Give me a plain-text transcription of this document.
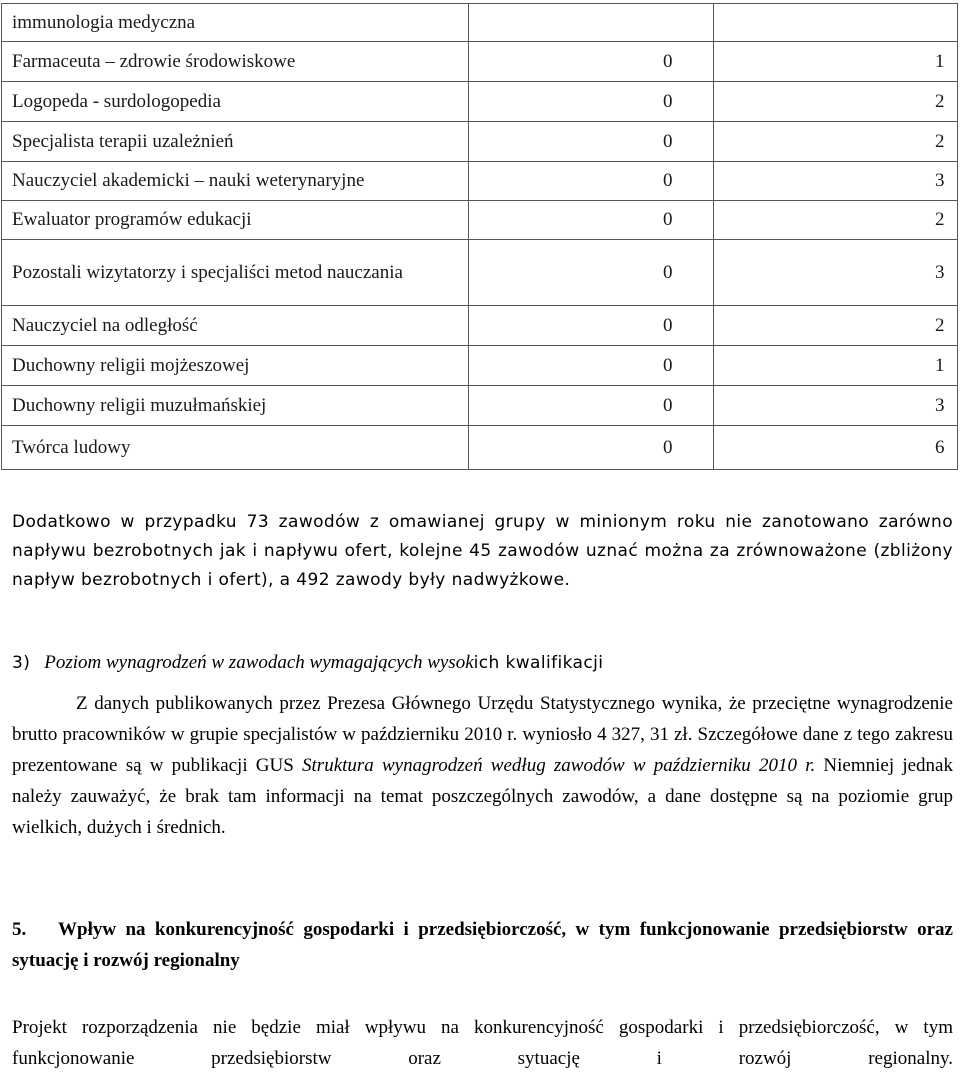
immunologia medyczna		
Farmaceuta – zdrowie środowiskowe	0	1
Logopeda - surdologopedia	0	2
Specjalista terapii uzależnień	0	2
Nauczyciel akademicki – nauki weterynaryjne	0	3
Ewaluator programów edukacji	0	2
Pozostali wizytatorzy i specjaliści metod nauczania	0	3
Nauczyciel na odległość	0	2
Duchowny religii mojżeszowej	0	1
Duchowny religii muzułmańskiej	0	3
Twórca ludowy	0	6

Dodatkowo w przypadku 73 zawodów z omawianej grupy w minionym roku nie zanotowano zarówno napływu bezrobotnych jak i napływu ofert, kolejne 45 zawodów uznać można za zrównoważone (zbliżony napływ bezrobotnych i ofert), a 492 zawody były nadwyżkowe.

3) Poziom wynagrodzeń w zawodach wymagających wysokich kwalifikacji

Z danych publikowanych przez Prezesa Głównego Urzędu Statystycznego wynika, że przeciętne wynagrodzenie brutto pracowników w grupie specjalistów w październiku 2010 r. wyniosło 4 327, 31 zł. Szczegółowe dane z tego zakresu prezentowane są w publikacji GUS Struktura wynagrodzeń według zawodów w październiku 2010 r. Niemniej jednak należy zauważyć, że brak tam informacji na temat poszczególnych zawodów, a dane dostępne są na poziomie grup wielkich, dużych i średnich.

5. Wpływ na konkurencyjność gospodarki i przedsiębiorczość, w tym funkcjonowanie przedsiębiorstw oraz sytuację i rozwój regionalny

Projekt rozporządzenia nie będzie miał wpływu na konkurencyjność gospodarki i przedsiębiorczość, w tym funkcjonowanie przedsiębiorstw oraz sytuację i rozwój regionalny.
